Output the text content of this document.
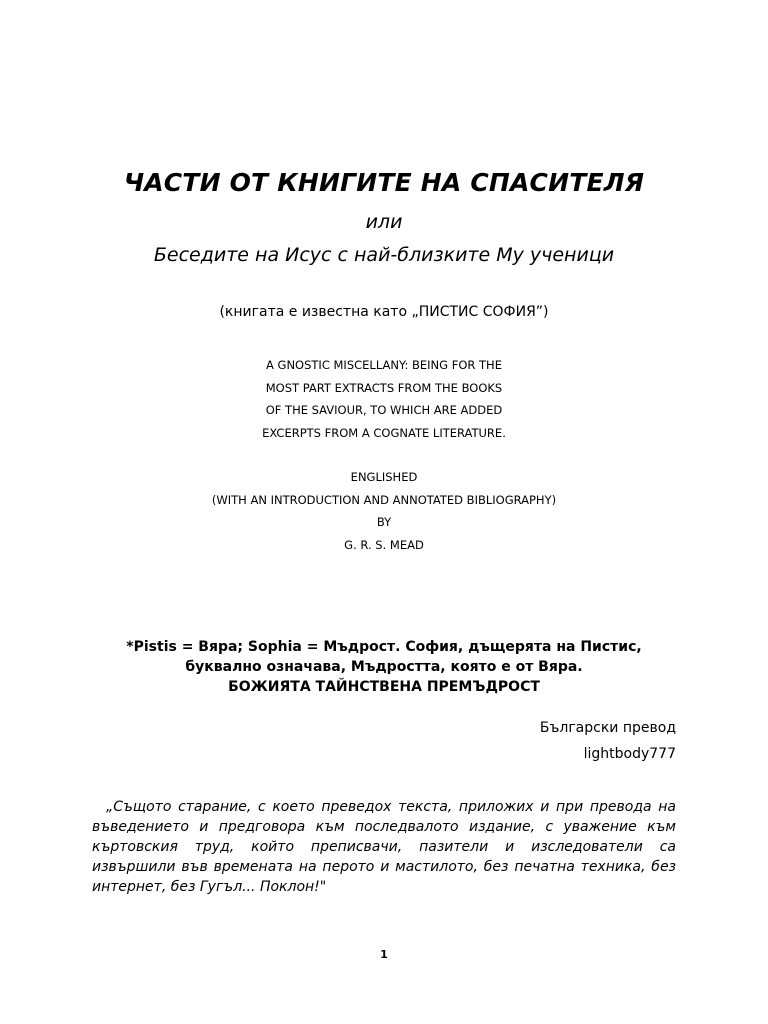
ЧАСТИ ОТ КНИГИТЕ НА СПАСИТЕЛЯ
или
Беседите на Исус с най-близките Му ученици
(книгата е известна като „ПИСТИС СОФИЯ”)
A GNOSTIC MISCELLANY: BEING FOR THE
MOST PART EXTRACTS FROM THE BOOKS
OF THE SAVIOUR, TO WHICH ARE ADDED
EXCERPTS FROM A COGNATE LITERATURE.
ENGLISHED
(WITH AN INTRODUCTION AND ANNOTATED BIBLIOGRAPHY)
BY
G. R. S. MEAD
*Pistis = Вяра; Sophia = Мъдрост. София, дъщерята на Пистис,
буквално означава, Мъдростта, която е от Вяра.
БОЖИЯТА ТАЙНСТВЕНА ПРЕМЪДРОСТ
Български превод
lightbody777
„Същото старание, с което преведох текста, приложих и при превода на въведението и предговора към последвалото издание, с уважение към къртовския труд, който преписвачи, пазители и изследователи са извършили във времената на перото и мастилото, без печатна техника, без интернет, без Гугъл... Поклон!"
1
